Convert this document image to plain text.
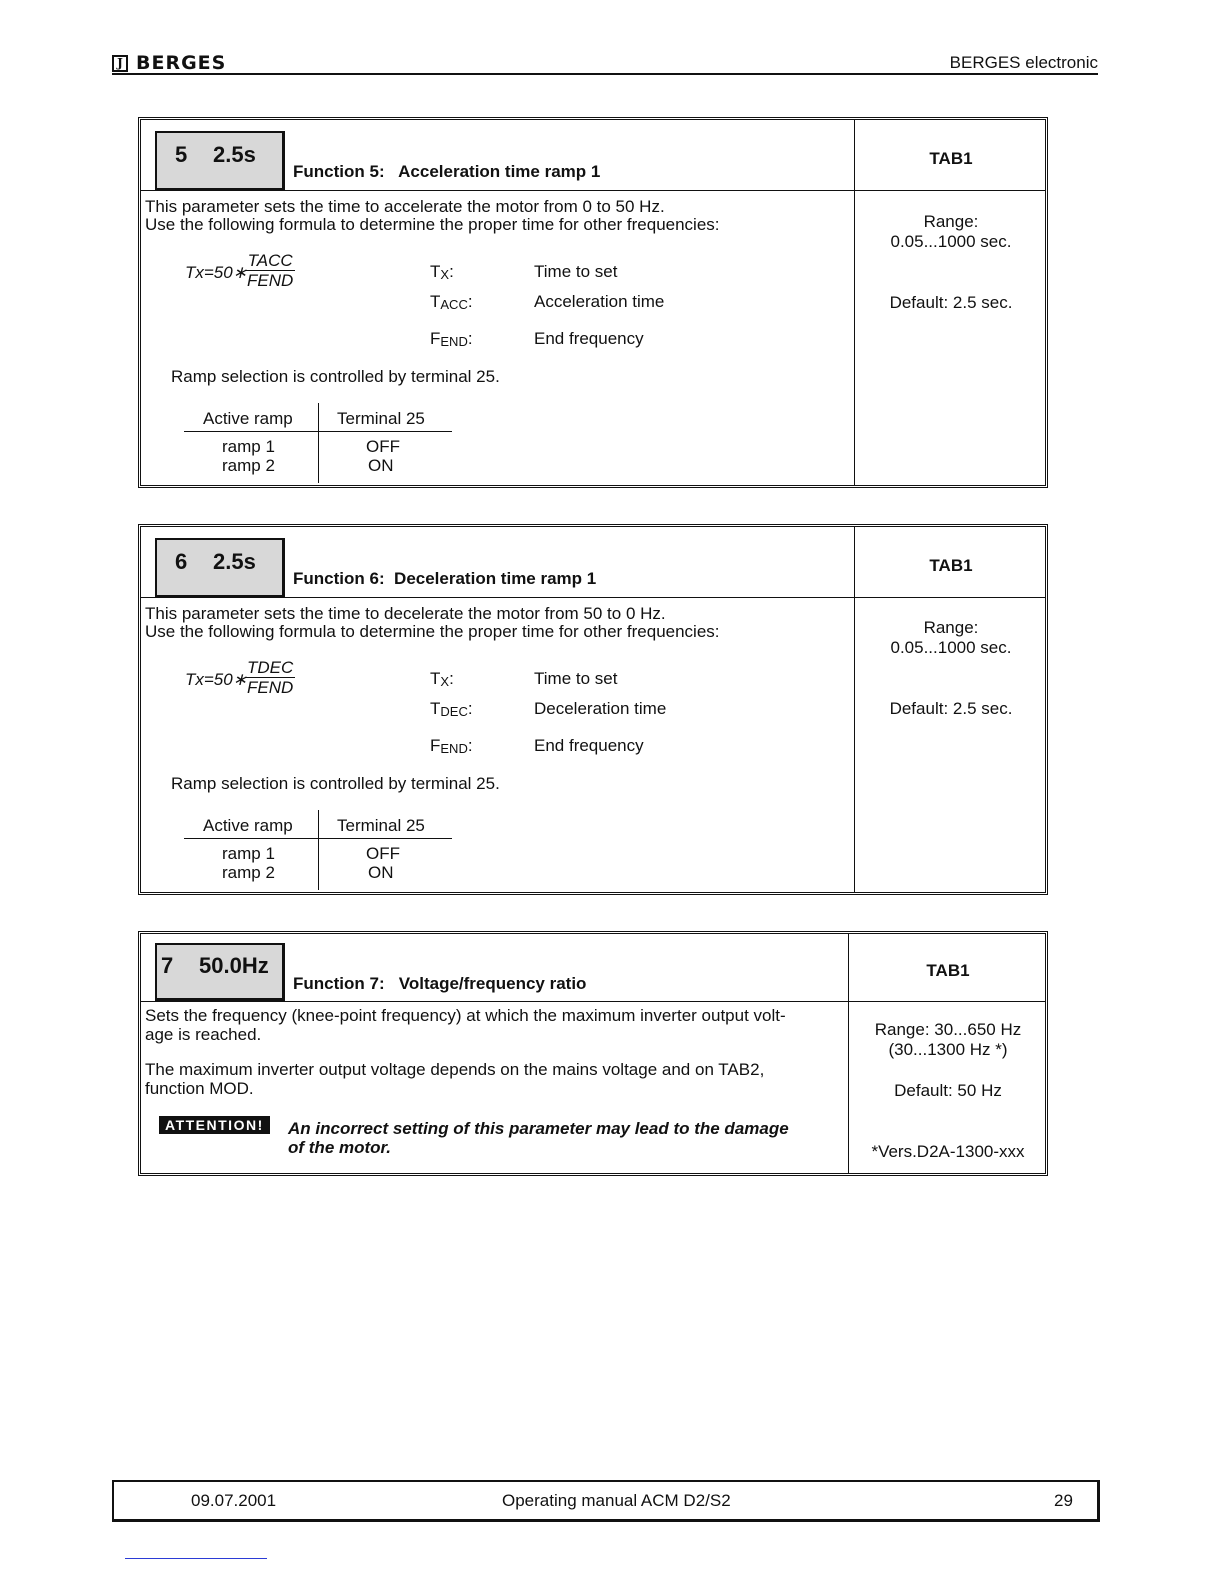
J BERGES	BERGES electronic
5 2.5s
Function 5:   Acceleration time ramp 1
TAB1
This parameter sets the time to accelerate the motor from 0 to 50 Hz.
Use the following formula to determine the proper time for other frequencies:
Tx=50∗
TACC
FEND	$T_X$:	Time to set
$T_{ACC}$:	Acceleration time
$F_{END}$:	End frequency
Ramp selection is controlled by terminal 25.
Active ramp	Terminal 25
ramp 1	OFF
ramp 2	ON
Range:
0.05...1000 sec.
Default: 2.5 sec.
6 2.5s
Function 6:  Deceleration time ramp 1
TAB1
This parameter sets the time to decelerate the motor from 50 to 0 Hz.
Use the following formula to determine the proper time for other frequencies:
Tx=50∗
TDEC
FEND	$T_X$:	Time to set
$T_{DEC}$:	Deceleration time
$F_{END}$:	End frequency
Ramp selection is controlled by terminal 25.
Active ramp	Terminal 25
ramp 1	OFF
ramp 2	ON
Range:
0.05...1000 sec.
Default: 2.5 sec.
7 50.0Hz
Function 7:   Voltage/frequency ratio
TAB1
Sets the frequency (knee-point frequency) at which the maximum inverter output volt-
age is reached.
The maximum inverter output voltage depends on the mains voltage and on TAB2,
function MOD.
ATTENTION!	An incorrect setting of this parameter may lead to the damage
of the motor.
Range: 30...650 Hz
(30...1300 Hz *)
Default: 50 Hz
*Vers.D2A-1300-xxx
09.07.2001	Operating manual ACM D2/S2	29
